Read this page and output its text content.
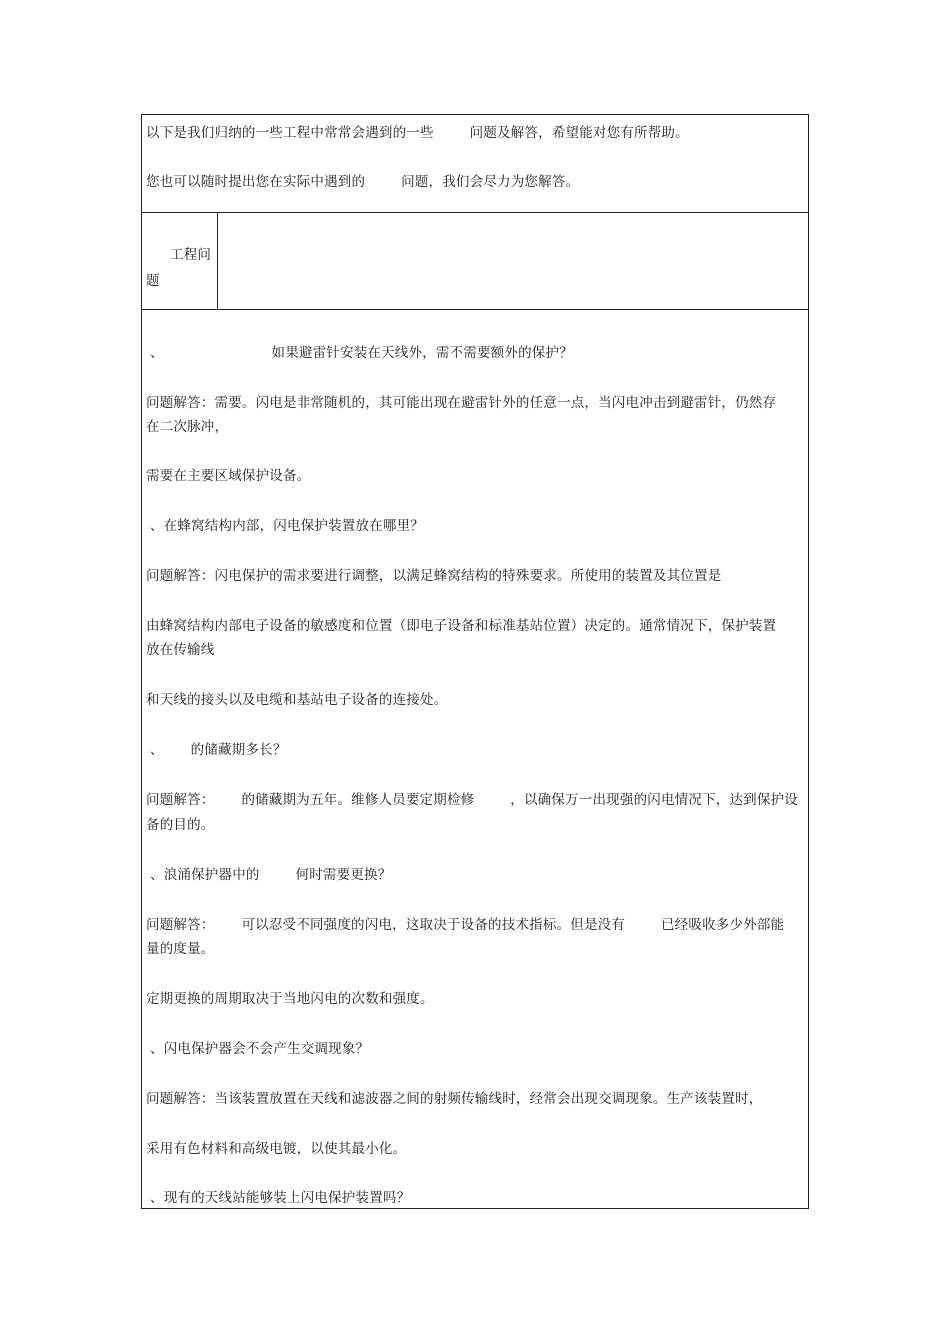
以下是我们归纳的一些工程中常常会遇到的一些        问题及解答，希望能对您有所帮助。
您也可以随时提出您在实际中遇到的        问题，我们会尽力为您解答。
工程问
题
、                        如果避雷针安装在天线外，需不需要额外的保护？
问题解答：需要。闪电是非常随机的，其可能出现在避雷针外的任意一点，当闪电冲击到避雷针，仍然存
在二次脉冲，
需要在主要区域保护设备。
、在蜂窝结构内部，闪电保护装置放在哪里？
问题解答：闪电保护的需求要进行调整，以满足蜂窝结构的特殊要求。所使用的装置及其位置是
由蜂窝结构内部电子设备的敏感度和位置（即电子设备和标准基站位置）决定的。通常情况下，保护装置
放在传输线
和天线的接头以及电缆和基站电子设备的连接处。
、      的储藏期多长？
问题解答：      的储藏期为五年。维修人员要定期检修        ，以确保万一出现强的闪电情况下，达到保护设
备的目的。
、浪涌保护器中的        何时需要更换？
问题解答：      可以忍受不同强度的闪电，这取决于设备的技术指标。但是没有        已经吸收多少外部能
量的度量。
定期更换的周期取决于当地闪电的次数和强度。
、闪电保护器会不会产生交调现象？
问题解答：当该装置放置在天线和滤波器之间的射频传输线时，经常会出现交调现象。生产该装置时，
采用有色材料和高级电镀，以使其最小化。
、现有的天线站能够装上闪电保护装置吗？
